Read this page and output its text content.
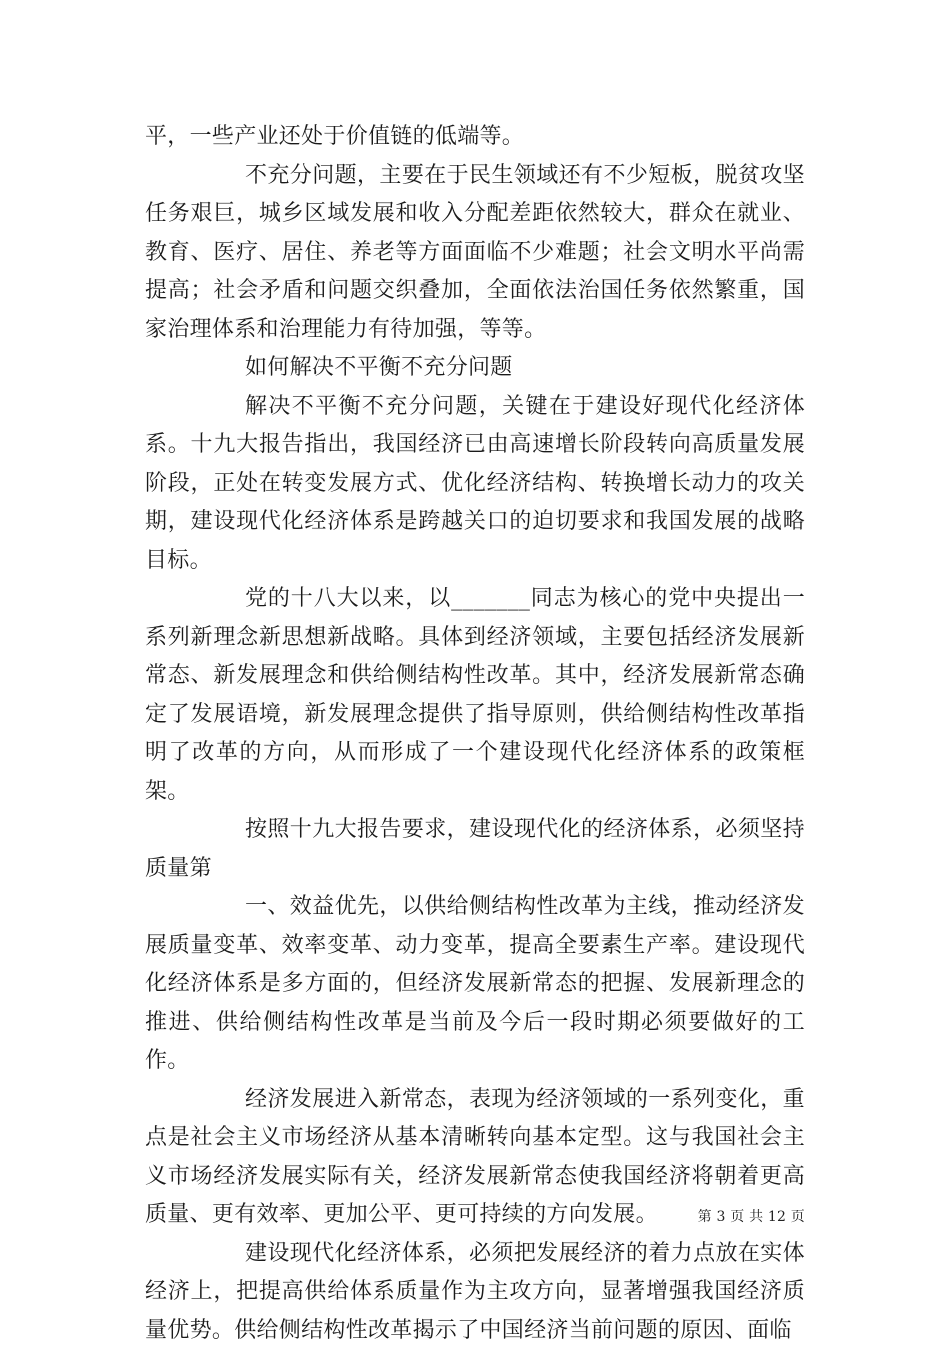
平，一些产业还处于价值链的低端等。

不充分问题，主要在于民生领域还有不少短板，脱贫攻坚任务艰巨，城乡区域发展和收入分配差距依然较大，群众在就业、教育、医疗、居住、养老等方面面临不少难题；社会文明水平尚需提高；社会矛盾和问题交织叠加，全面依法治国任务依然繁重，国家治理体系和治理能力有待加强，等等。

如何解决不平衡不充分问题

解决不平衡不充分问题，关键在于建设好现代化经济体系。十九大报告指出，我国经济已由高速增长阶段转向高质量发展阶段，正处在转变发展方式、优化经济结构、转换增长动力的攻关期，建设现代化经济体系是跨越关口的迫切要求和我国发展的战略目标。

党的十八大以来，以_______同志为核心的党中央提出一系列新理念新思想新战略。具体到经济领域，主要包括经济发展新常态、新发展理念和供给侧结构性改革。其中，经济发展新常态确定了发展语境，新发展理念提供了指导原则，供给侧结构性改革指明了改革的方向，从而形成了一个建设现代化经济体系的政策框架。

按照十九大报告要求，建设现代化的经济体系，必须坚持质量第

一、效益优先，以供给侧结构性改革为主线，推动经济发展质量变革、效率变革、动力变革，提高全要素生产率。建设现代化经济体系是多方面的，但经济发展新常态的把握、发展新理念的推进、供给侧结构性改革是当前及今后一段时期必须要做好的工作。

经济发展进入新常态，表现为经济领域的一系列变化，重点是社会主义市场经济从基本清晰转向基本定型。这与我国社会主义市场经济发展实际有关，经济发展新常态使我国经济将朝着更高质量、更有效率、更加公平、更可持续的方向发展。

建设现代化经济体系，必须把发展经济的着力点放在实体经济上，把提高供给体系质量作为主攻方向，显著增强我国经济质量优势。供给侧结构性改革揭示了中国经济当前问题的原因、面临

第 3 页 共 12 页
